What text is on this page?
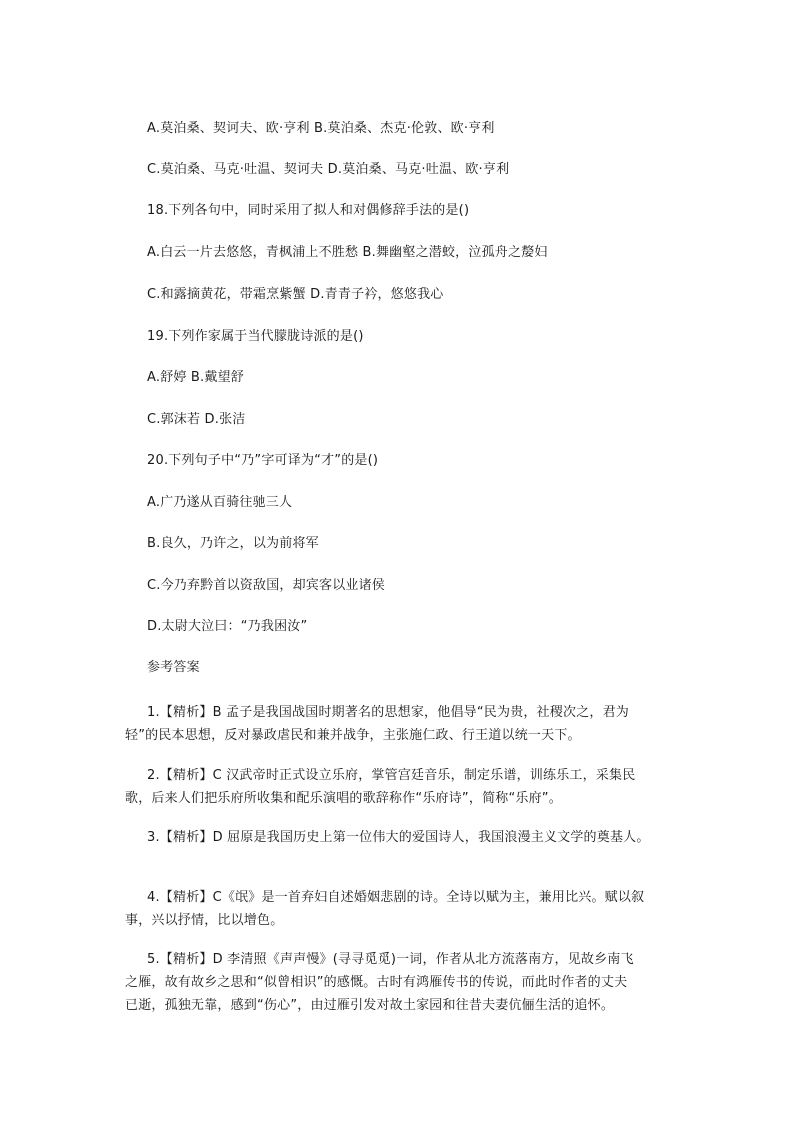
A.莫泊桑、契诃夫、欧·亨利 B.莫泊桑、杰克·伦敦、欧·亨利
C.莫泊桑、马克·吐温、契诃夫 D.莫泊桑、马克·吐温、欧·亨利
18.下列各句中，同时采用了拟人和对偶修辞手法的是()
A.白云一片去悠悠，青枫浦上不胜愁 B.舞幽壑之潜蛟，泣孤舟之嫠妇
C.和露摘黄花，带霜烹紫蟹 D.青青子衿，悠悠我心
19.下列作家属于当代朦胧诗派的是()
A.舒婷 B.戴望舒
C.郭沫若 D.张洁
20.下列句子中“乃”字可译为“才”的是()
A.广乃遂从百骑往驰三人
B.良久，乃许之，以为前将军
C.今乃弃黔首以资敌国，却宾客以业诸侯
D.太尉大泣曰：“乃我困汝”
参考答案
1.【精析】B 孟子是我国战国时期著名的思想家，他倡导“民为贵，社稷次之，君为
轻”的民本思想，反对暴政虐民和兼并战争，主张施仁政、行王道以统一天下。
2.【精析】C 汉武帝时正式设立乐府，掌管宫廷音乐，制定乐谱，训练乐工，采集民
歌，后来人们把乐府所收集和配乐演唱的歌辞称作“乐府诗”，简称“乐府”。
3.【精析】D 屈原是我国历史上第一位伟大的爱国诗人，我国浪漫主义文学的奠基人。
4.【精析】C《氓》是一首弃妇自述婚姻悲剧的诗。全诗以赋为主，兼用比兴。赋以叙
事，兴以抒情，比以增色。
5.【精析】D 李清照《声声慢》(寻寻觅觅)一词，作者从北方流落南方，见故乡南飞
之雁，故有故乡之思和“似曾相识”的感慨。古时有鸿雁传书的传说，而此时作者的丈夫
已逝，孤独无靠，感到“伤心”，由过雁引发对故土家园和往昔夫妻伉俪生活的追怀。
